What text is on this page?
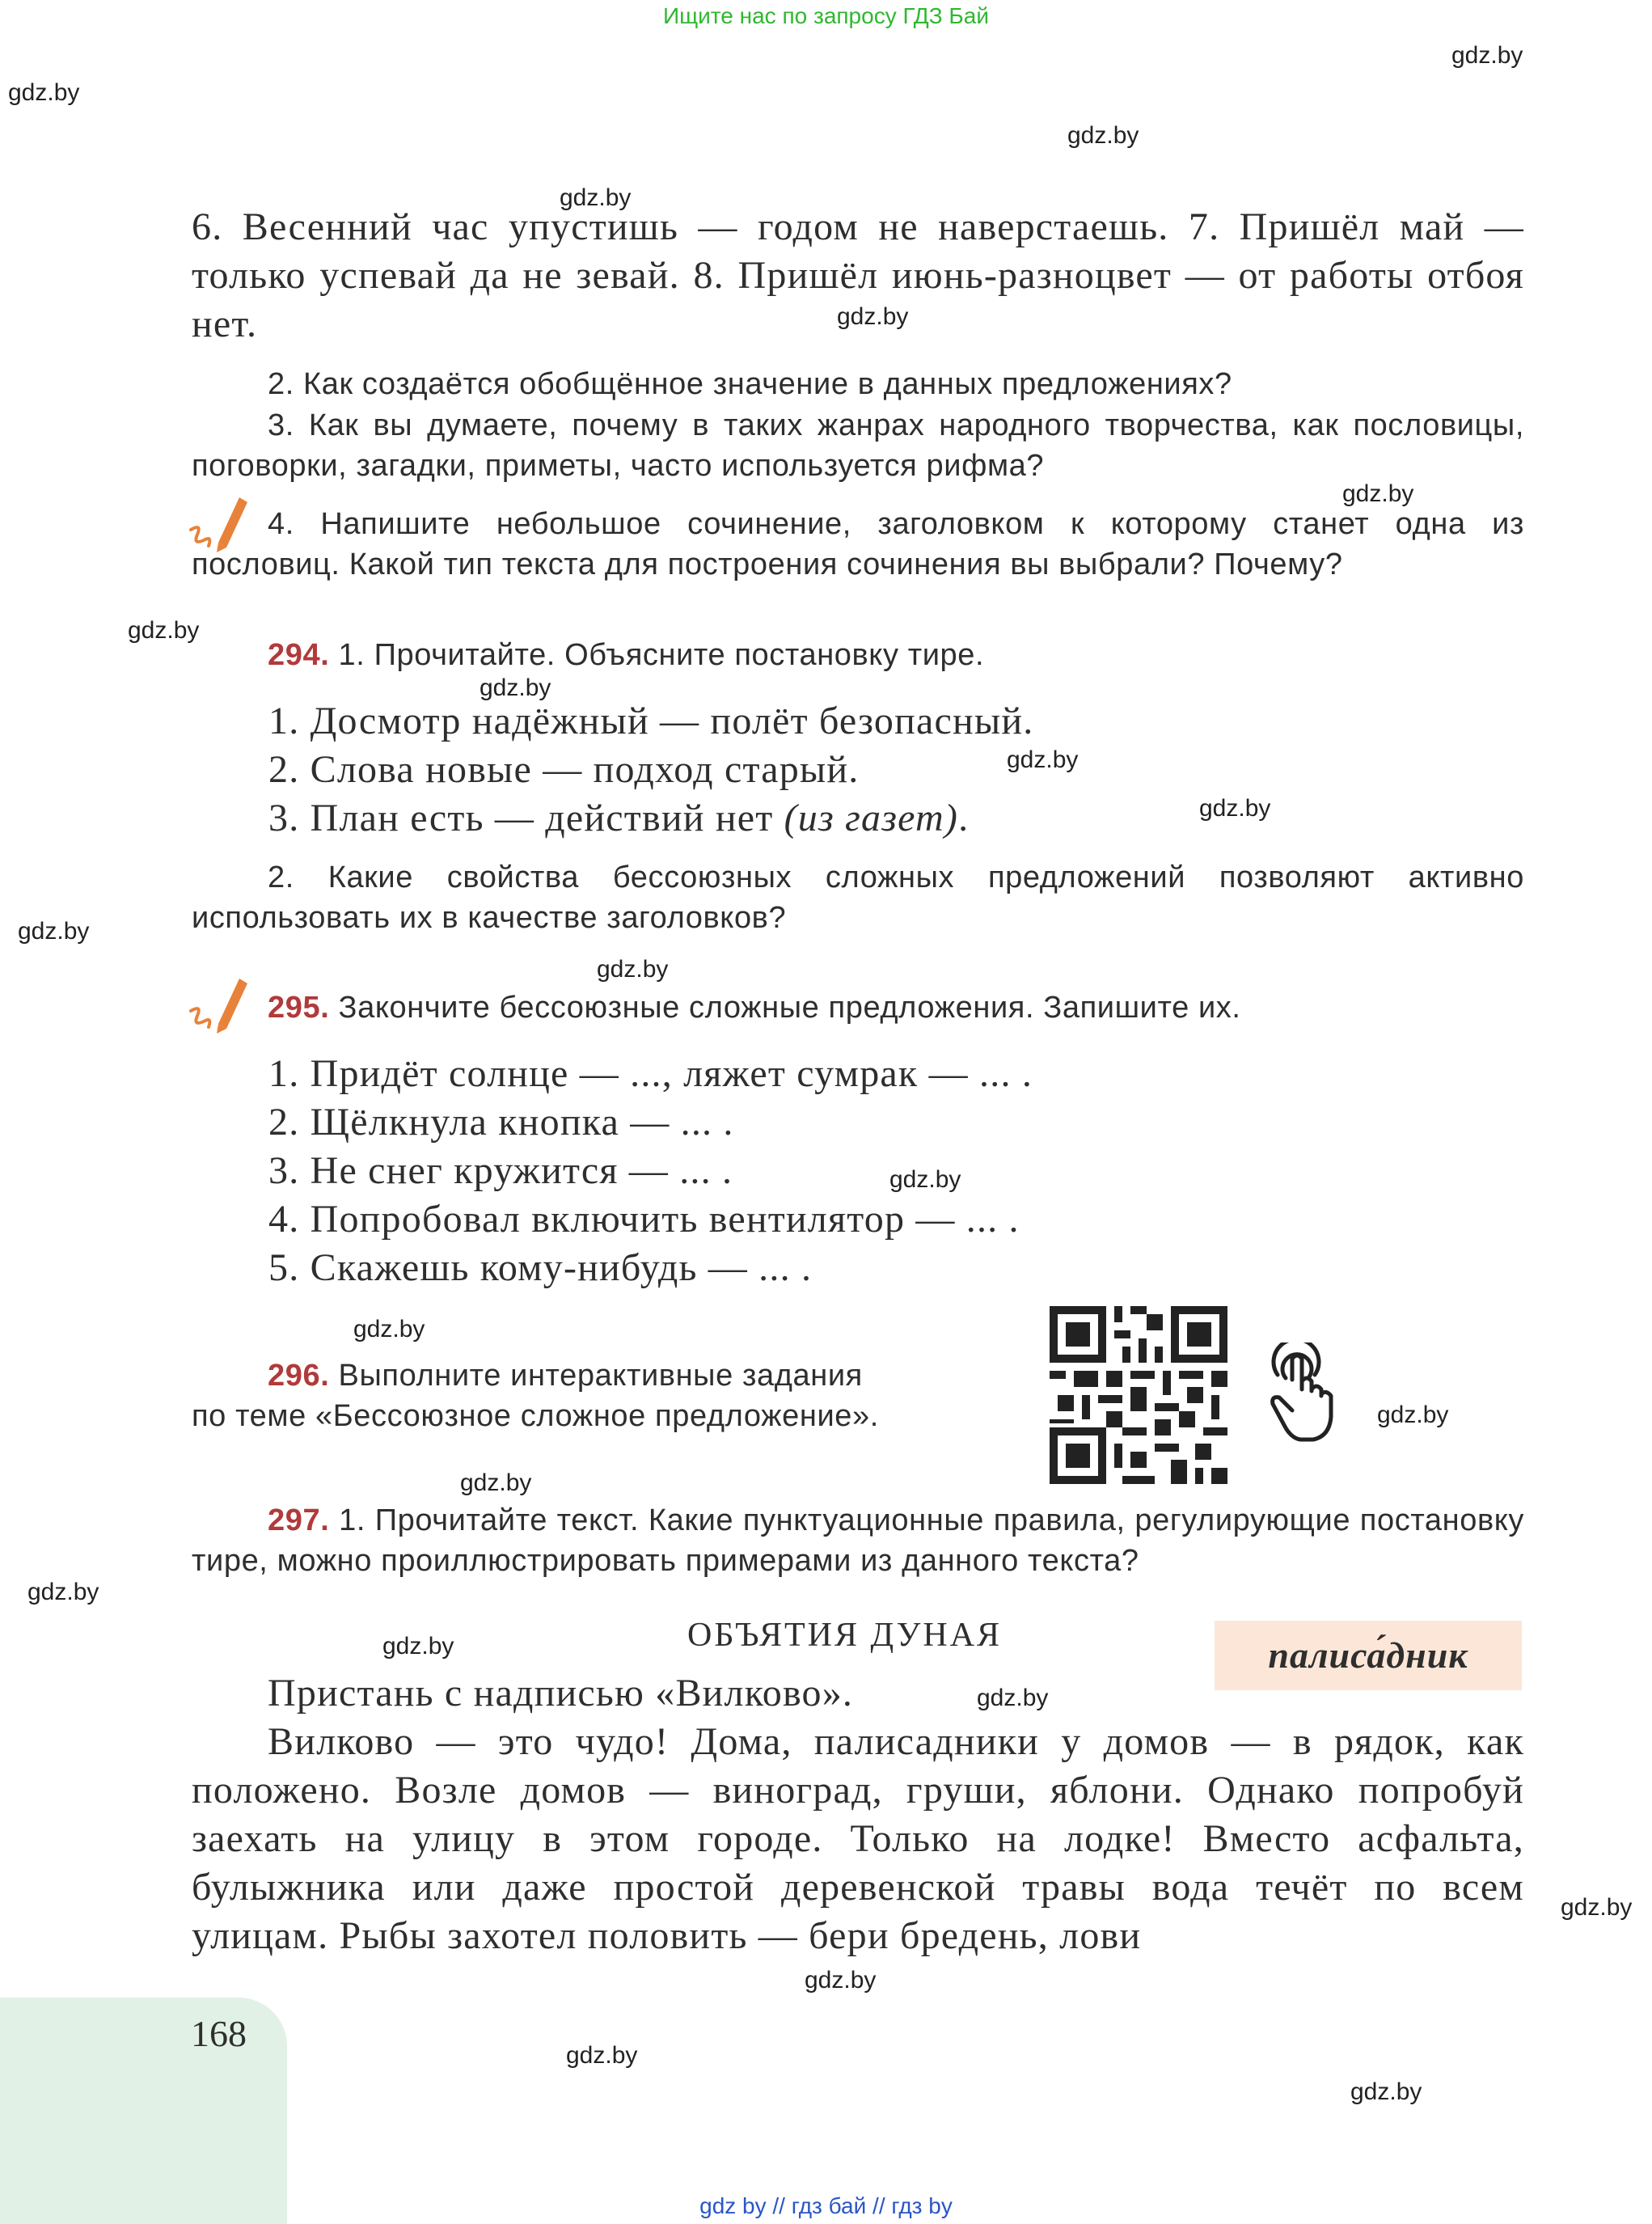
Ищите нас по запросу ГДЗ Бай
gdz.by
gdz.by
gdz.by
gdz.by
gdz.by
gdz.by
gdz.by
gdz.by
gdz.by
gdz.by
gdz.by
gdz.by
gdz.by
gdz.by
gdz.by
gdz.by
gdz.by
gdz.by
gdz.by
gdz.by
gdz.by
gdz.by
gdz.by
6. Весенний час упустишь — годом не наверстаешь. 7. Пришёл май — только успевай да не зевай. 8. Пришёл июнь-разноцвет — от работы отбоя нет.
2. Как создаётся обобщённое значение в данных предложениях?
3. Как вы думаете, почему в таких жанрах народного творчества, как пословицы, поговорки, загадки, приметы, часто используется рифма?
4. Напишите небольшое сочинение, заголовком к которому станет одна из пословиц. Какой тип текста для построения сочинения вы выбрали? Почему?
294. 1. Прочитайте. Объясните постановку тире.
1. Досмотр надёжный — полёт безопасный.
2. Слова новые — подход старый.
3. План есть — действий нет (из газет).
2. Какие свойства бессоюзных сложных предложений позволяют активно использовать их в качестве заголовков?
295. Закончите бессоюзные сложные предложения. Запишите их.
1. Придёт солнце — ..., ляжет сумрак — ... .
2. Щёлкнула кнопка — ... .
3. Не снег кружится — ... .
4. Попробовал включить вентилятор — ... .
5. Скажешь кому-нибудь — ... .
296. Выполните интерактивные задания
по теме «Бессоюзное сложное предложение».
297. 1. Прочитайте текст. Какие пунктуационные правила, регулирующие постановку тире, можно проиллюстрировать примерами из данного текста?
ОБЪЯТИЯ ДУНАЯ	палиса́дник
Пристань с надписью «Вилково».
Вилково — это чудо! Дома, палисадники у домов — в рядок, как положено. Возле домов — виноград, груши, яблони. Однако попробуй заехать на улицу в этом городе. Только на лодке! Вместо асфальта, булыжника или даже простой деревенской травы вода течёт по всем улицам. Рыбы захотел половить — бери бредень, лови
168
gdz by // гдз бай // гдз by
